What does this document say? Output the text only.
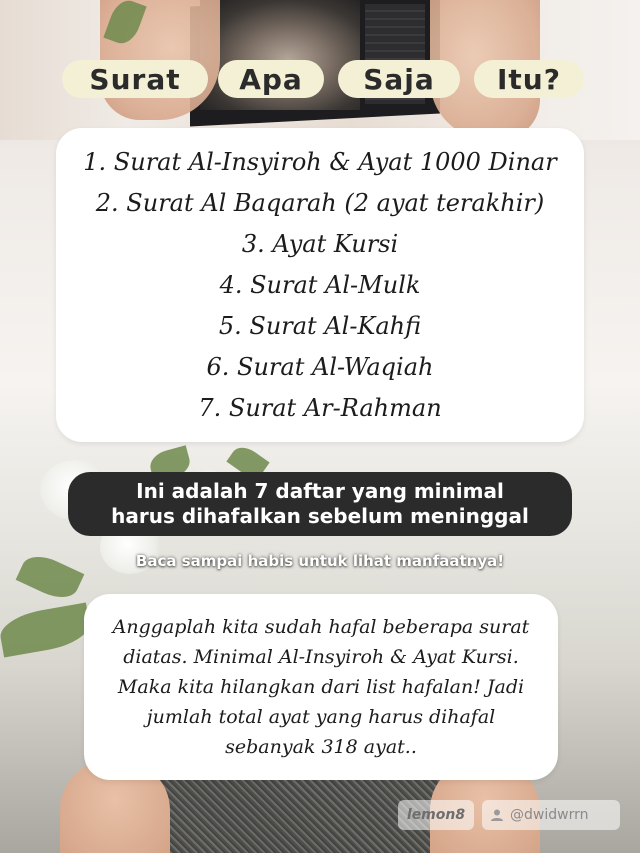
Surat Apa Saja Itu?
1. Surat Al-Insyiroh & Ayat 1000 Dinar
2. Surat Al Baqarah (2 ayat terakhir)
3. Ayat Kursi
4. Surat Al-Mulk
5. Surat Al-Kahfi
6. Surat Al-Waqiah
7. Surat Ar-Rahman
Ini adalah 7 daftar yang minimal
harus dihafalkan sebelum meninggal
Baca sampai habis untuk lihat manfaatnya!

Anggaplah kita sudah hafal beberapa surat diatas. Minimal Al-Insyiroh & Ayat Kursi. Maka kita hilangkan dari list hafalan! Jadi jumlah total ayat yang harus dihafal sebanyak 318 ayat..

lemon8	@dwidwrrn
